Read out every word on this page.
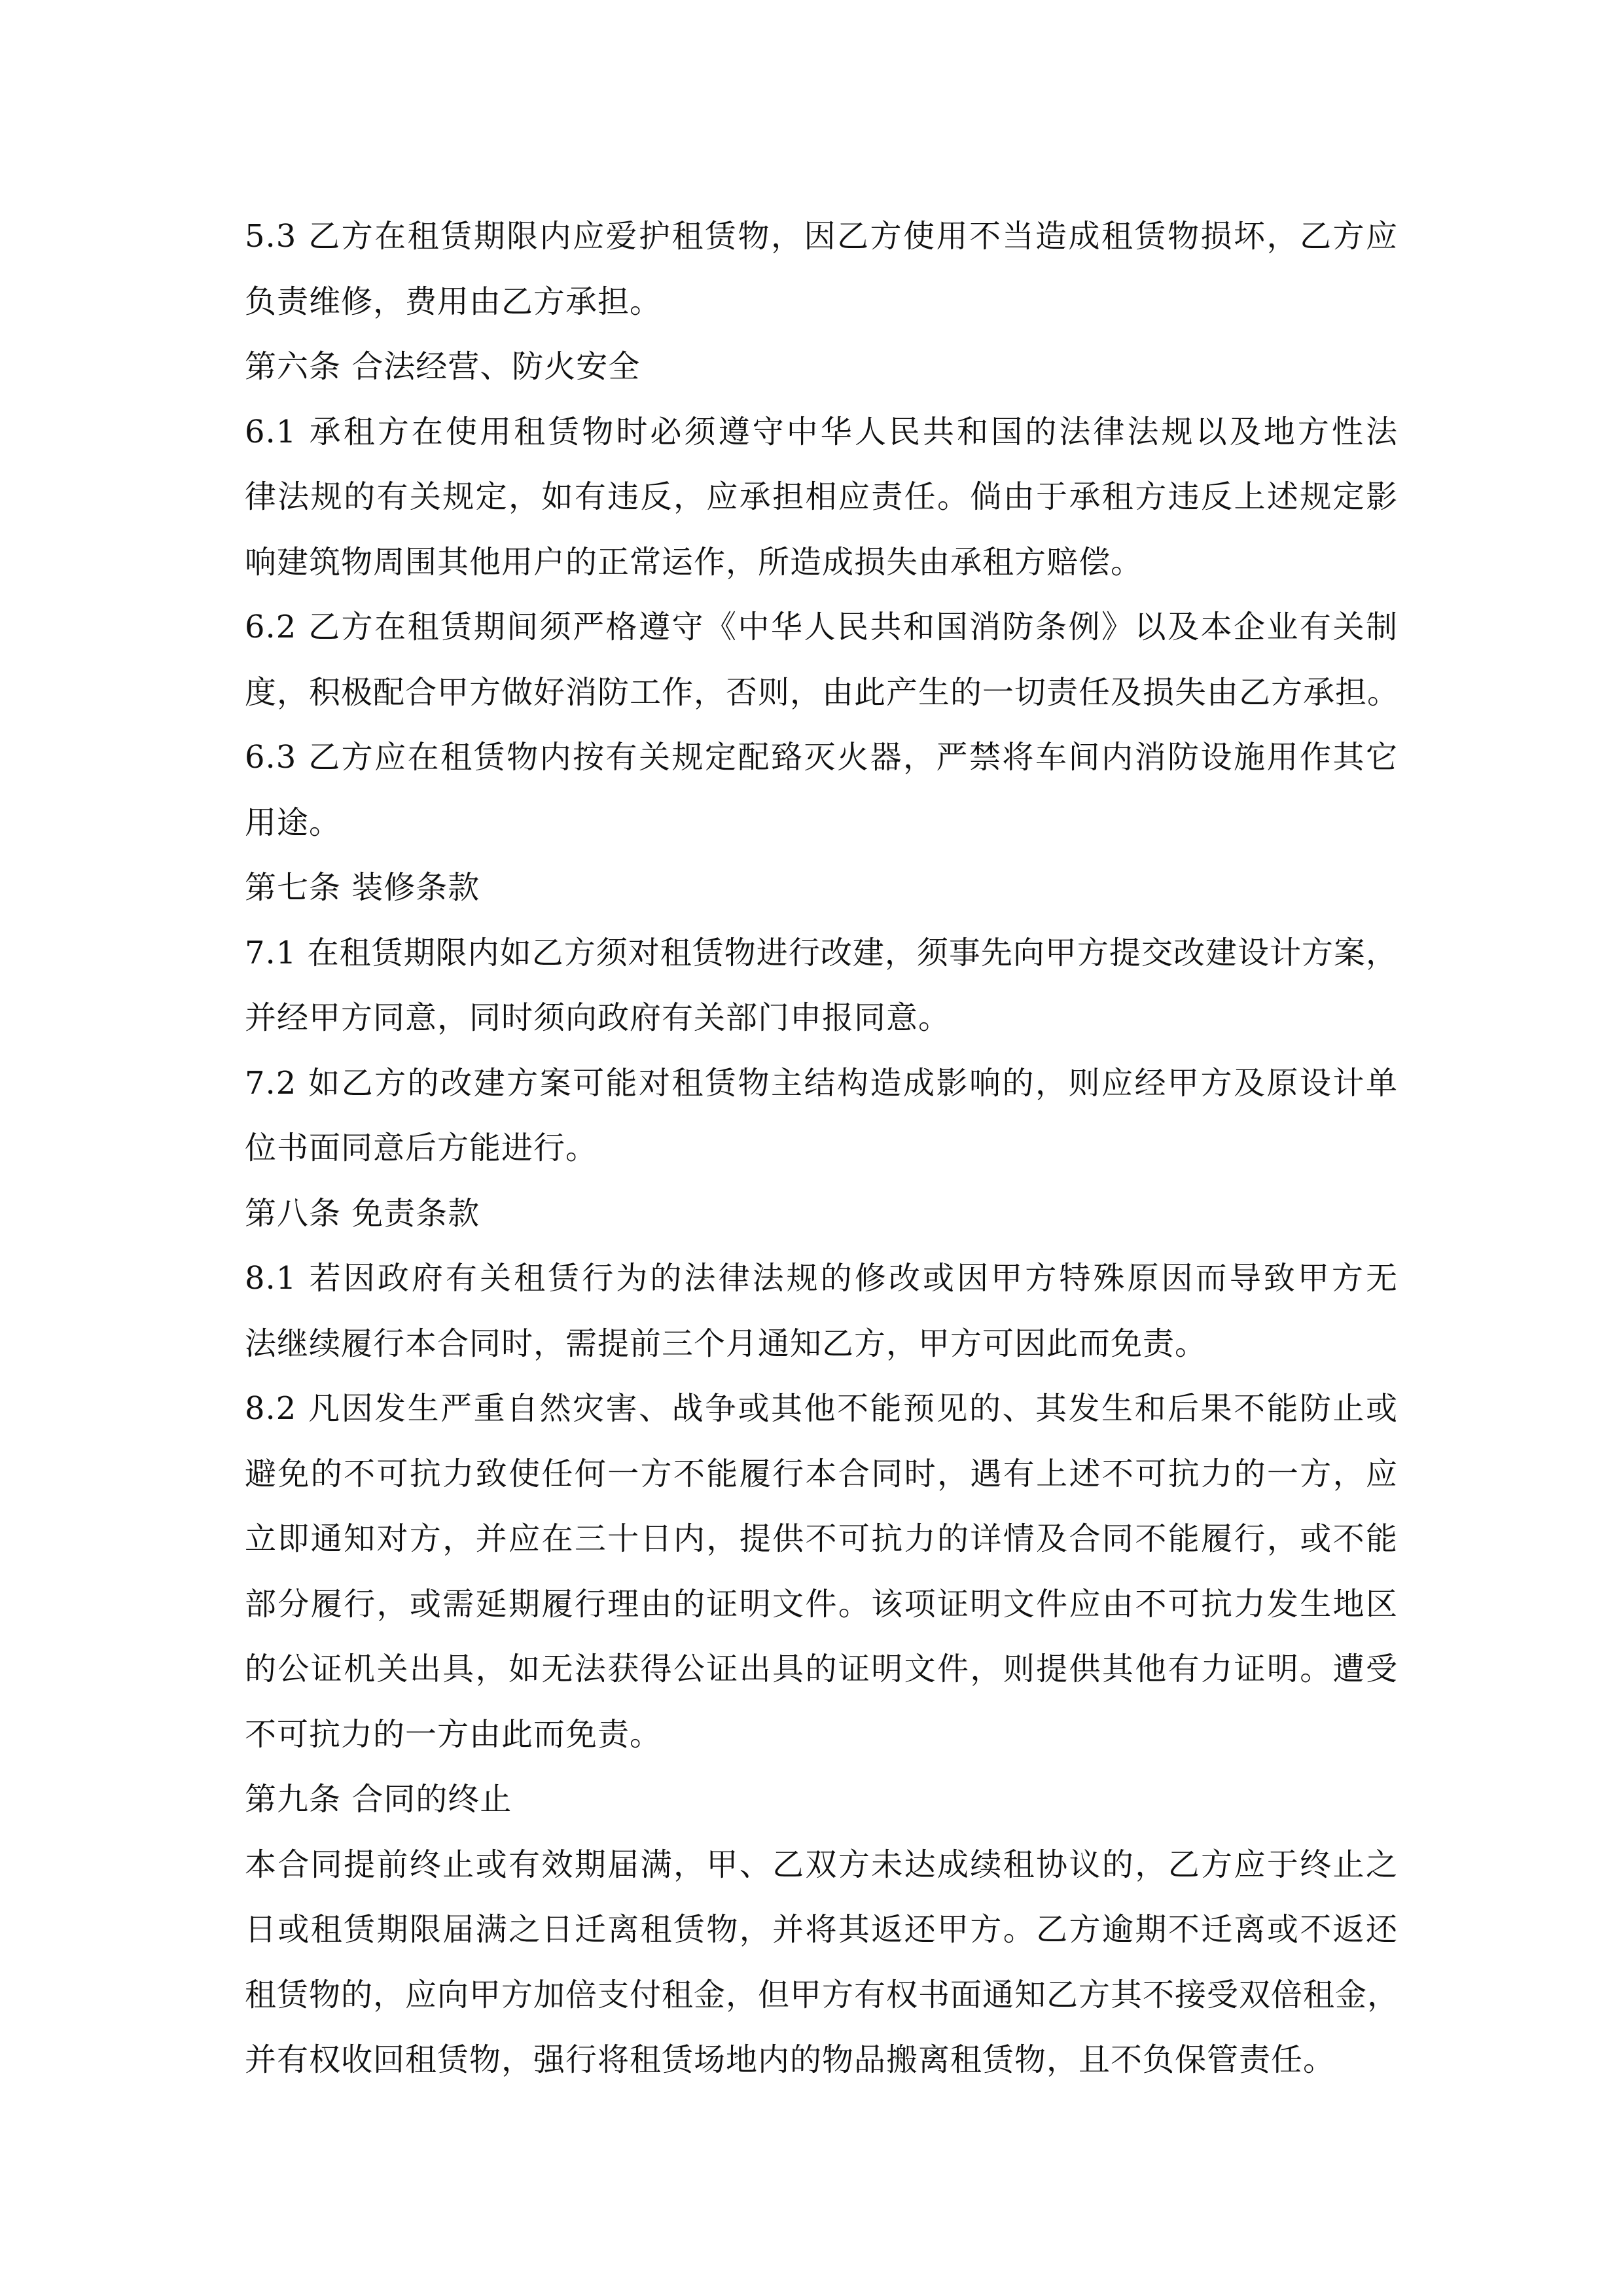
5.3 乙方在租赁期限内应爱护租赁物，因乙方使用不当造成租赁物损坏，乙方应
负责维修，费用由乙方承担。
第六条 合法经营、防火安全
6.1 承租方在使用租赁物时必须遵守中华人民共和国的法律法规以及地方性法
律法规的有关规定，如有违反，应承担相应责任。倘由于承租方违反上述规定影
响建筑物周围其他用户的正常运作，所造成损失由承租方赔偿。
6.2 乙方在租赁期间须严格遵守《中华人民共和国消防条例》以及本企业有关制
度，积极配合甲方做好消防工作，否则，由此产生的一切责任及损失由乙方承担。
6.3 乙方应在租赁物内按有关规定配臵灭火器，严禁将车间内消防设施用作其它
用途。
第七条 装修条款
7.1 在租赁期限内如乙方须对租赁物进行改建，须事先向甲方提交改建设计方案，
并经甲方同意，同时须向政府有关部门申报同意。
7.2 如乙方的改建方案可能对租赁物主结构造成影响的，则应经甲方及原设计单
位书面同意后方能进行。
第八条 免责条款
8.1 若因政府有关租赁行为的法律法规的修改或因甲方特殊原因而导致甲方无
法继续履行本合同时，需提前三个月通知乙方，甲方可因此而免责。
8.2 凡因发生严重自然灾害、战争或其他不能预见的、其发生和后果不能防止或
避免的不可抗力致使任何一方不能履行本合同时，遇有上述不可抗力的一方，应
立即通知对方，并应在三十日内，提供不可抗力的详情及合同不能履行，或不能
部分履行，或需延期履行理由的证明文件。该项证明文件应由不可抗力发生地区
的公证机关出具，如无法获得公证出具的证明文件，则提供其他有力证明。遭受
不可抗力的一方由此而免责。
第九条 合同的终止
本合同提前终止或有效期届满，甲、乙双方未达成续租协议的，乙方应于终止之
日或租赁期限届满之日迁离租赁物，并将其返还甲方。乙方逾期不迁离或不返还
租赁物的，应向甲方加倍支付租金，但甲方有权书面通知乙方其不接受双倍租金，
并有权收回租赁物，强行将租赁场地内的物品搬离租赁物，且不负保管责任。
